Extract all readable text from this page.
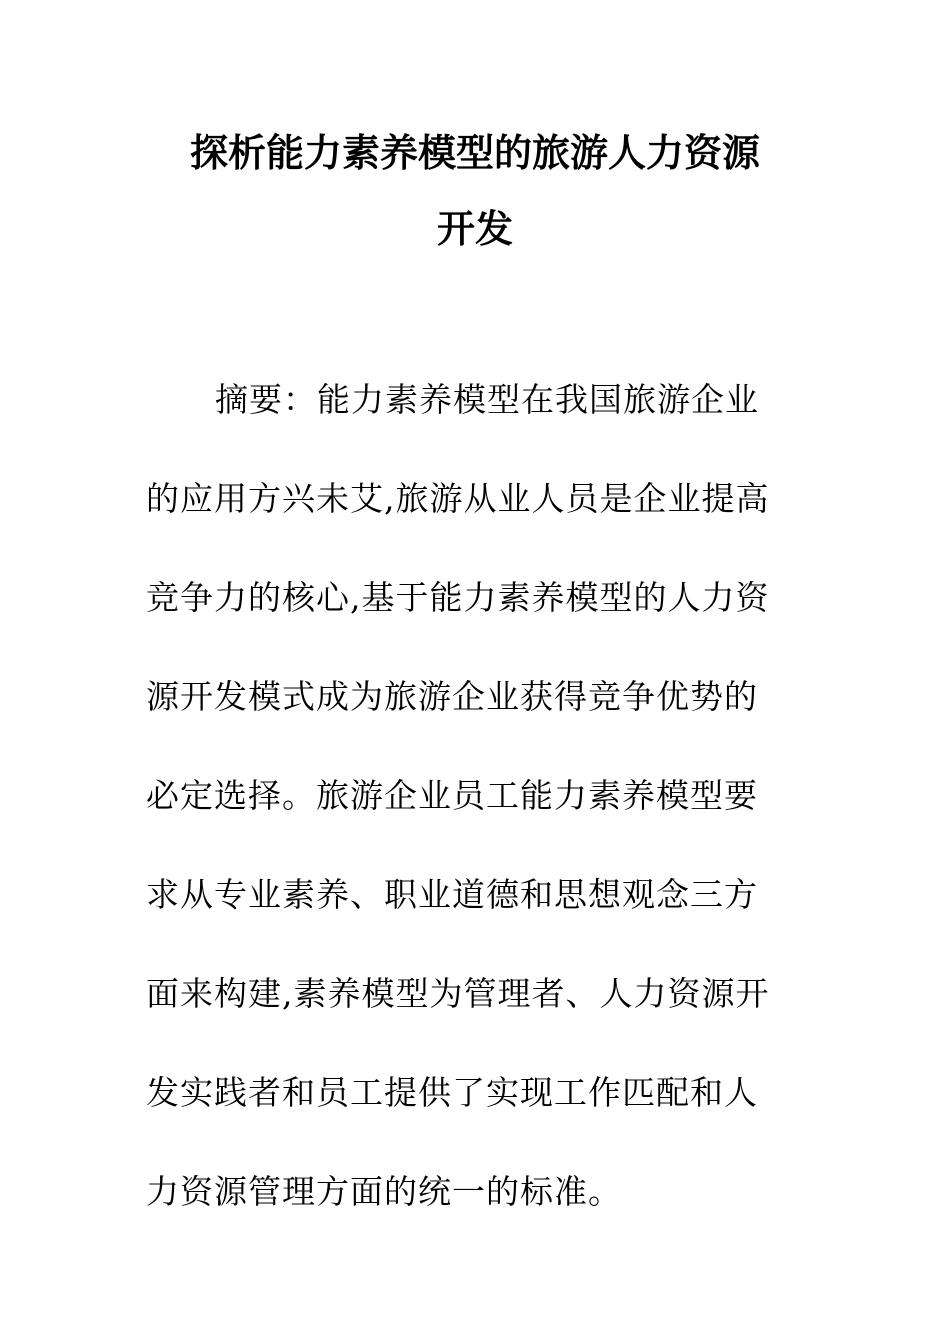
探析能力素养模型的旅游人力资源
开发
摘要：能力素养模型在我国旅游企业
的应用方兴未艾,旅游从业人员是企业提高
竞争力的核心,基于能力素养模型的人力资
源开发模式成为旅游企业获得竞争优势的
必定选择。旅游企业员工能力素养模型要
求从专业素养、职业道德和思想观念三方
面来构建,素养模型为管理者、人力资源开
发实践者和员工提供了实现工作匹配和人
力资源管理方面的统一的标准。
